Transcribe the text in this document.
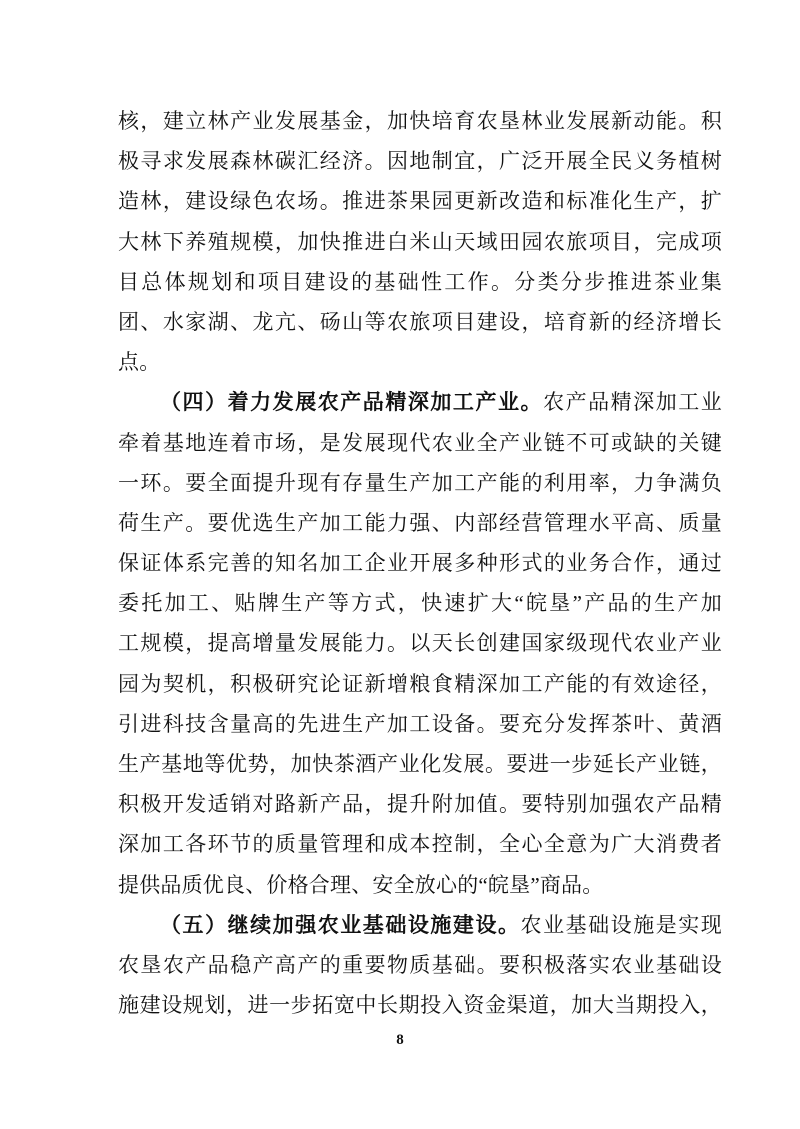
核，建立林产业发展基金，加快培育农垦林业发展新动能。积
极寻求发展森林碳汇经济。因地制宜，广泛开展全民义务植树
造林，建设绿色农场。推进茶果园更新改造和标准化生产，扩
大林下养殖规模，加快推进白米山天域田园农旅项目，完成项
目总体规划和项目建设的基础性工作。分类分步推进茶业集
团、水家湖、龙亢、砀山等农旅项目建设，培育新的经济增长
点。
（四）着力发展农产品精深加工产业。农产品精深加工业
牵着基地连着市场，是发展现代农业全产业链不可或缺的关键
一环。要全面提升现有存量生产加工产能的利用率，力争满负
荷生产。要优选生产加工能力强、内部经营管理水平高、质量
保证体系完善的知名加工企业开展多种形式的业务合作，通过
委托加工、贴牌生产等方式，快速扩大“皖垦”产品的生产加
工规模，提高增量发展能力。以天长创建国家级现代农业产业
园为契机，积极研究论证新增粮食精深加工产能的有效途径，
引进科技含量高的先进生产加工设备。要充分发挥茶叶、黄酒
生产基地等优势，加快茶酒产业化发展。要进一步延长产业链，
积极开发适销对路新产品，提升附加值。要特别加强农产品精
深加工各环节的质量管理和成本控制，全心全意为广大消费者
提供品质优良、价格合理、安全放心的“皖垦”商品。
（五）继续加强农业基础设施建设。农业基础设施是实现
农垦农产品稳产高产的重要物质基础。要积极落实农业基础设
施建设规划，进一步拓宽中长期投入资金渠道，加大当期投入，
8
